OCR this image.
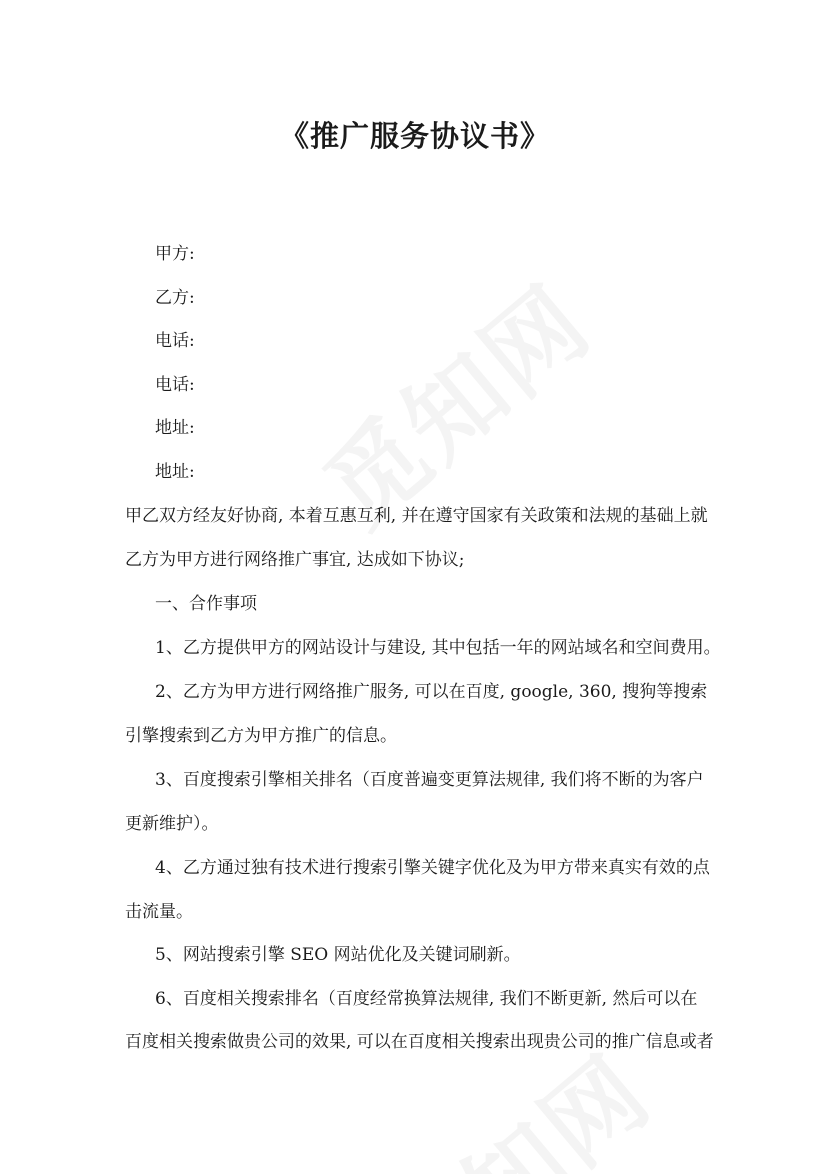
《推广服务协议书》

甲方:

乙方:

电话:

电话:

地址:

地址:

甲乙双方经友好协商, 本着互惠互利, 并在遵守国家有关政策和法规的基础上就

乙方为甲方进行网络推广事宜, 达成如下协议;

一、合作事项

1、乙方提供甲方的网站设计与建设, 其中包括一年的网站域名和空间费用。

2、乙方为甲方进行网络推广服务, 可以在百度, google, 360, 搜狗等搜索

引擎搜索到乙方为甲方推广的信息。

3、百度搜索引擎相关排名（百度普遍变更算法规律, 我们将不断的为客户

更新维护）。

4、乙方通过独有技术进行搜索引擎关键字优化及为甲方带来真实有效的点

击流量。

5、网站搜索引擎 SEO 网站优化及关键词刷新。

6、百度相关搜索排名（百度经常换算法规律, 我们不断更新, 然后可以在

百度相关搜索做贵公司的效果, 可以在百度相关搜索出现贵公司的推广信息或者
